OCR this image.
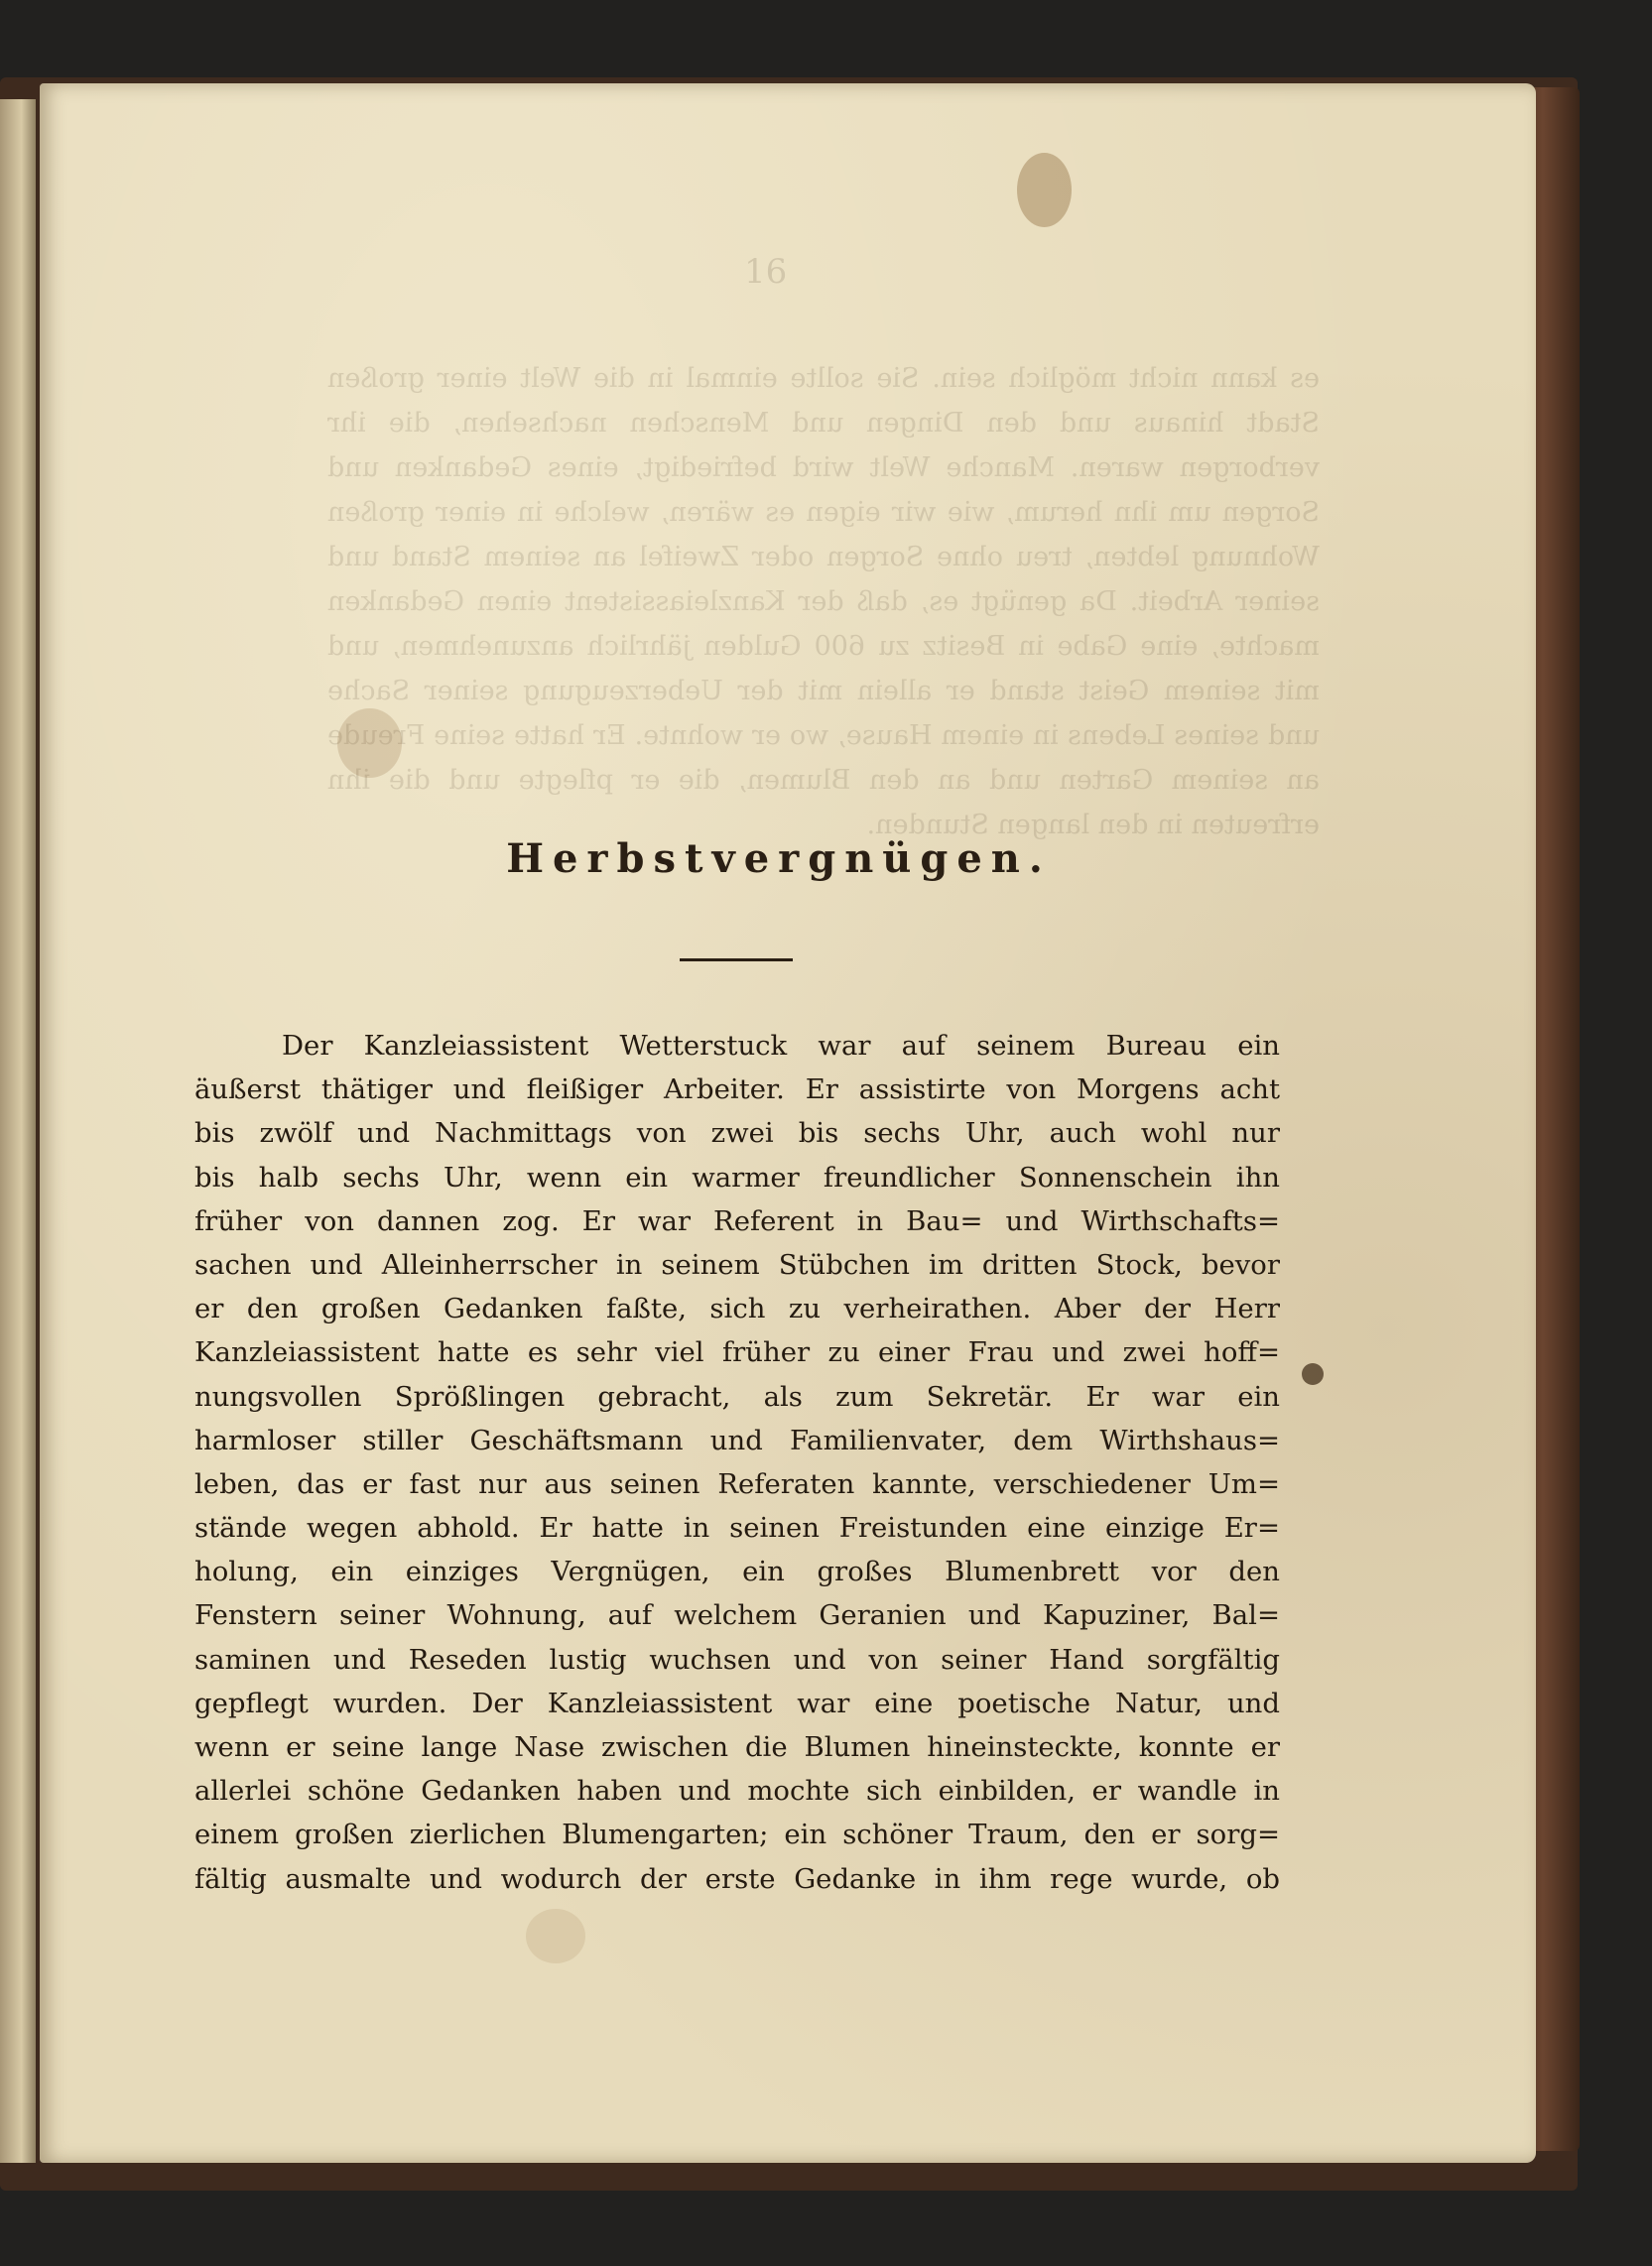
16

es kann nicht möglich sein. Sie sollte einmal in die Welt einer großen Stadt hinaus und den Dingen und Menschen nachsehen, die ihr verborgen waren. Manche Welt wird befriedigt, eines Gedanken und Sorgen um ihn herum, wie wir eigen es wären, welche in einer großen Wohnung lebten, treu ohne Sorgen oder Zweifel an seinem Stand und seiner Arbeit. Da genügt es, daß der Kanzleiassistent einen Gedanken machte, eine Gabe in Besitz zu 600 Gulden jährlich anzunehmen, und mit seinem Geist stand er allein mit der Ueberzeugung seiner Sache und seines Lebens in einem Hause, wo er wohnte. Er hatte seine Freude an seinem Garten und an den Blumen, die er pflegte und die ihn erfreuten in den langen Stunden.

Herbstvergnügen.
Der Kanzleiassistent Wetterstuck war auf seinem Bureau ein
äußerst thätiger und fleißiger Arbeiter. Er assistirte von Morgens acht
bis zwölf und Nachmittags von zwei bis sechs Uhr, auch wohl nur
bis halb sechs Uhr, wenn ein warmer freundlicher Sonnenschein ihn
früher von dannen zog. Er war Referent in Bau= und Wirthschafts=
sachen und Alleinherrscher in seinem Stübchen im dritten Stock, bevor
er den großen Gedanken faßte, sich zu verheirathen. Aber der Herr
Kanzleiassistent hatte es sehr viel früher zu einer Frau und zwei hoff=
nungsvollen Sprößlingen gebracht, als zum Sekretär. Er war ein
harmloser stiller Geschäftsmann und Familienvater, dem Wirthshaus=
leben, das er fast nur aus seinen Referaten kannte, verschiedener Um=
stände wegen abhold. Er hatte in seinen Freistunden eine einzige Er=
holung, ein einziges Vergnügen, ein großes Blumenbrett vor den
Fenstern seiner Wohnung, auf welchem Geranien und Kapuziner, Bal=
saminen und Reseden lustig wuchsen und von seiner Hand sorgfältig
gepflegt wurden. Der Kanzleiassistent war eine poetische Natur, und
wenn er seine lange Nase zwischen die Blumen hineinsteckte, konnte er
allerlei schöne Gedanken haben und mochte sich einbilden, er wandle in
einem großen zierlichen Blumengarten; ein schöner Traum, den er sorg=
fältig ausmalte und wodurch der erste Gedanke in ihm rege wurde, ob
